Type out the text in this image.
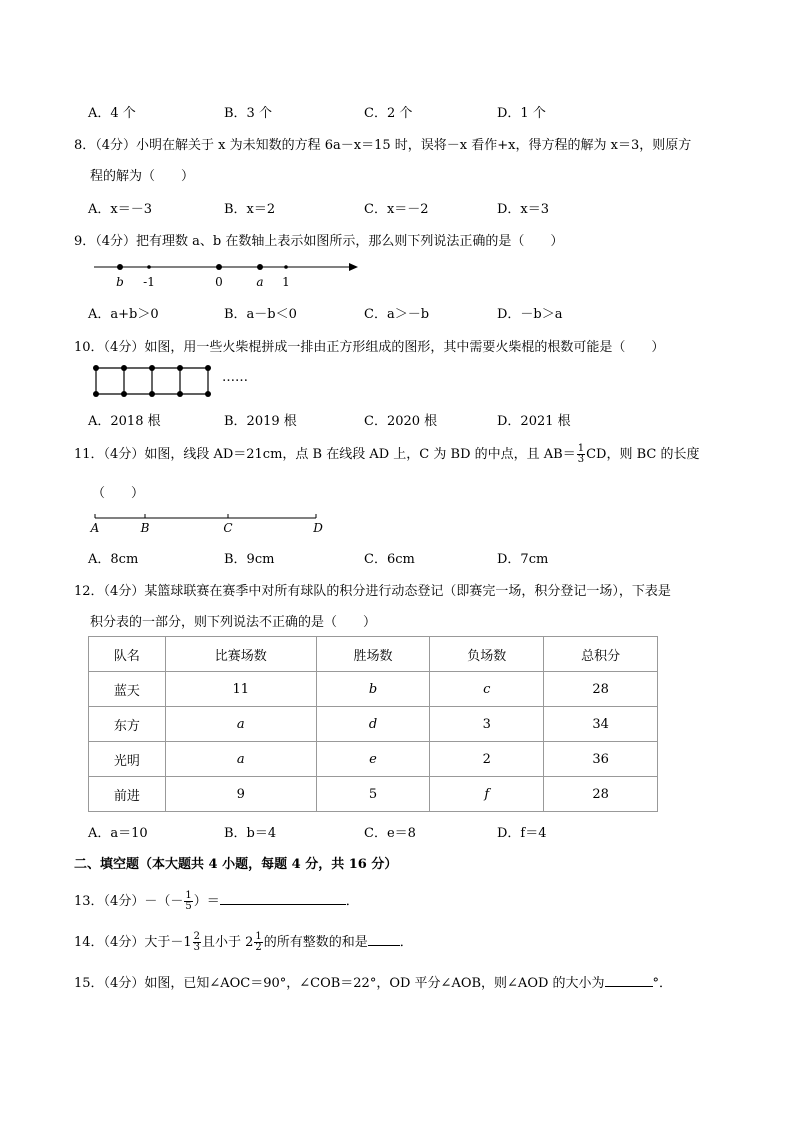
A．4 个	B．3 个	C．2 个	D．1 个
8．（4分）小明在解关于 x 为未知数的方程 6a－x＝15 时，误将－x 看作+x，得方程的解为 x＝3，则原方
程的解为（　　）
A．x＝－3	B．x＝2	C．x＝－2	D．x＝3
9．（4分）把有理数 a、b 在数轴上表示如图所示，那么则下列说法正确的是（　　）
b -1	0	a 1
A．a+b＞0	B．a－b＜0	C．a＞－b	D．－b＞a
10．（4分）如图，用一些火柴棍拼成一排由正方形组成的图形，其中需要火柴棍的根数可能是（　　）
……
A．2018 根	B．2019 根	C．2020 根	D．2021 根
11．（4分）如图，线段 AD＝21cm，点 B 在线段 AD 上，C 为 BD 的中点，且 $AB= \frac{1}{3}$ CD，则 BC 的长度
（　　）
A	B	C	D
A．8cm	B．9cm	C．6cm	D．7cm
12．（4分）某篮球联赛在赛季中对所有球队的积分进行动态登记（即赛完一场，积分登记一场），下表是
积分表的一部分，则下列说法不正确的是（　　）
队名	比赛场数	胜场数	负场数	总积分
蓝天	11	b	c	28
东方	a	d	3	34
光明	a	e	2	36
前进	9	5	f	28
A．a＝10	B．b＝4	C．e＝8	D．f＝4
二、填空题（本大题共 4 小题，每题 4 分，共 16 分）
13．（4分）－（－ $\frac{1}{5}$ ）＝	．
14．（4分）大于$-1 \frac{2}{3}$ 且小于 $2 \frac{1}{2}$ 的所有整数的和是 ．
15．（4分）如图，已知∠AOC＝90°，∠COB＝22°，OD 平分∠AOB，则∠AOD 的大小为	°．
